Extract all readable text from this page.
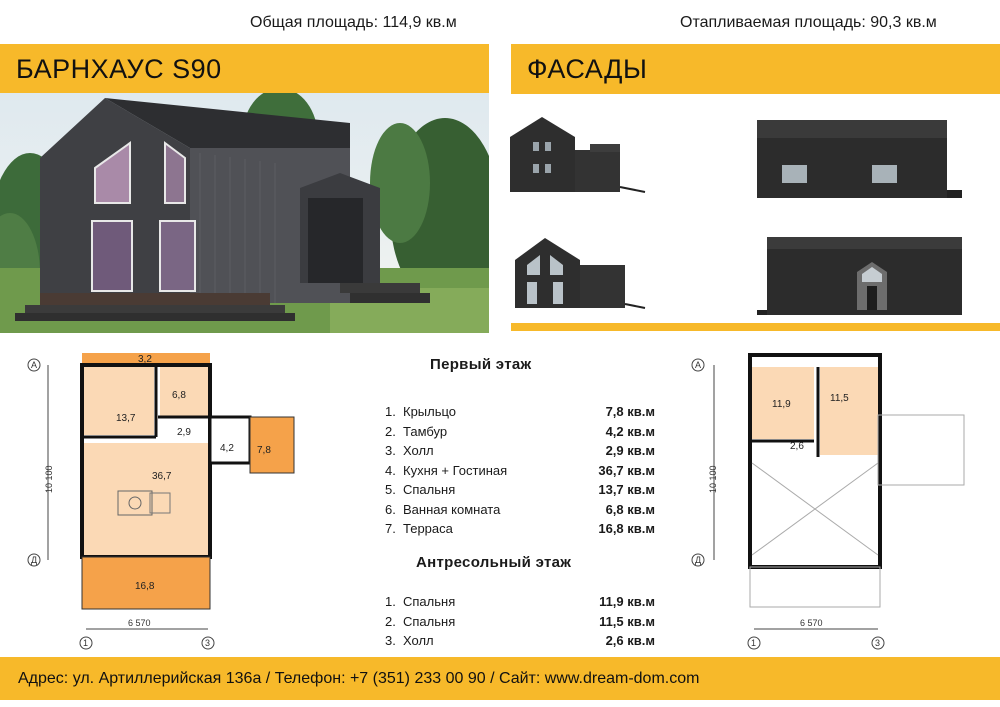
Общая площадь: 114,9 кв.м	Отапливаемая площадь: 90,3 кв.м
БАРНХАУС S90	ФАСАДЫ
А
Д
10 100
3,2
13,7
6,8
2,9
36,7
4,2 7,8
16,8
6 570
1	3
Первый этаж
1. Крыльцо	7,8 кв.м
2. Тамбур	4,2 кв.м
3. Холл	2,9 кв.м
4. Кухня + Гостиная	36,7 кв.м
5. Спальня	13,7 кв.м
6. Ванная комната	6,8 кв.м
7. Терраса	16,8 кв.м
Антресольный этаж
1. Спальня	11,9 кв.м
2. Спальня	11,5 кв.м
3. Холл	2,6 кв.м
А
Д
10 100
11,9
11,5
2,6
6 570
1	3
Адрес: ул. Артиллерийская 136а / Телефон: +7 (351) 233 00 90 / Сайт: www.dream-dom.com
